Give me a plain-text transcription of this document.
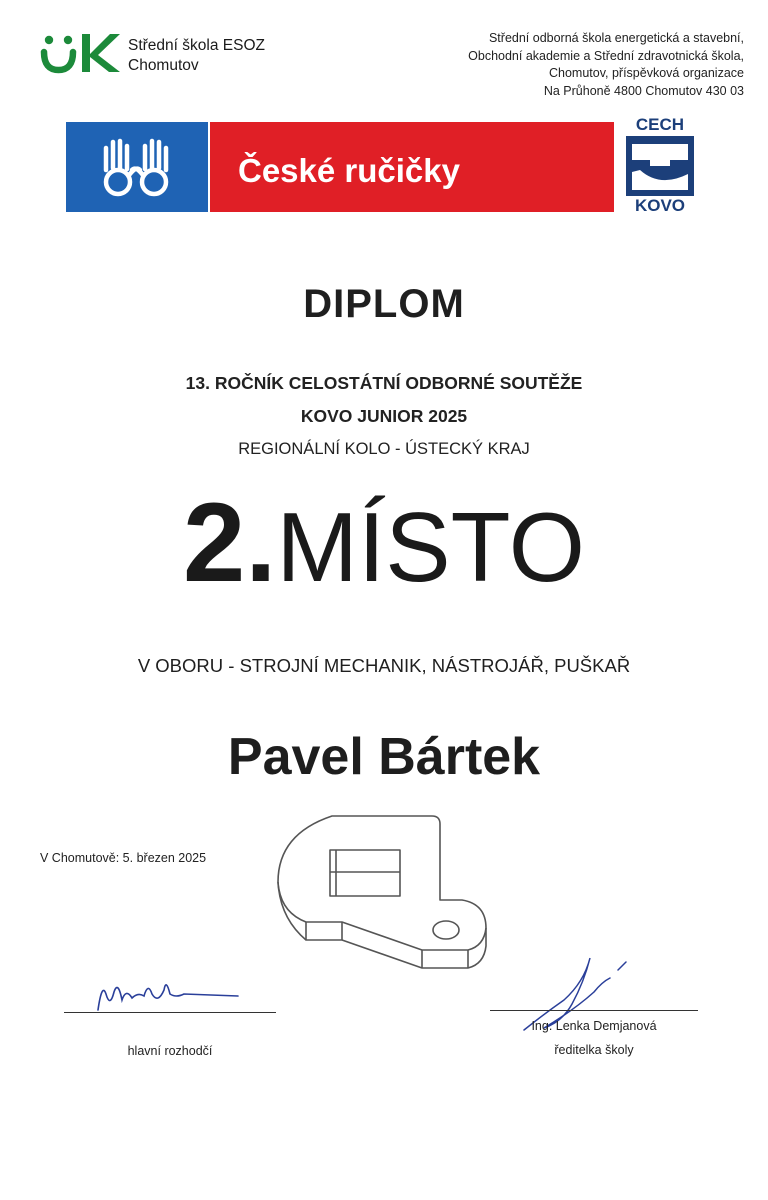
Střední škola ESOZ
Chomutov
Střední odborná škola energetická a stavební,
Obchodní akademie a Střední zdravotnická škola,
Chomutov, příspěvková organizace
Na Průhoně 4800 Chomutov 430 03
České ručičky
CECH
KOVO
DIPLOM
13. ROČNÍK CELOSTÁTNÍ ODBORNÉ SOUTĚŽE
KOVO JUNIOR 2025
REGIONÁLNÍ KOLO - ÚSTECKÝ KRAJ
2.MÍSTO
V OBORU - STROJNÍ MECHANIK, NÁSTROJÁŘ, PUŠKAŘ
Pavel Bártek
V Chomutově: 5. březen 2025
hlavní rozhodčí
Ing. Lenka Demjanová
ředitelka školy
